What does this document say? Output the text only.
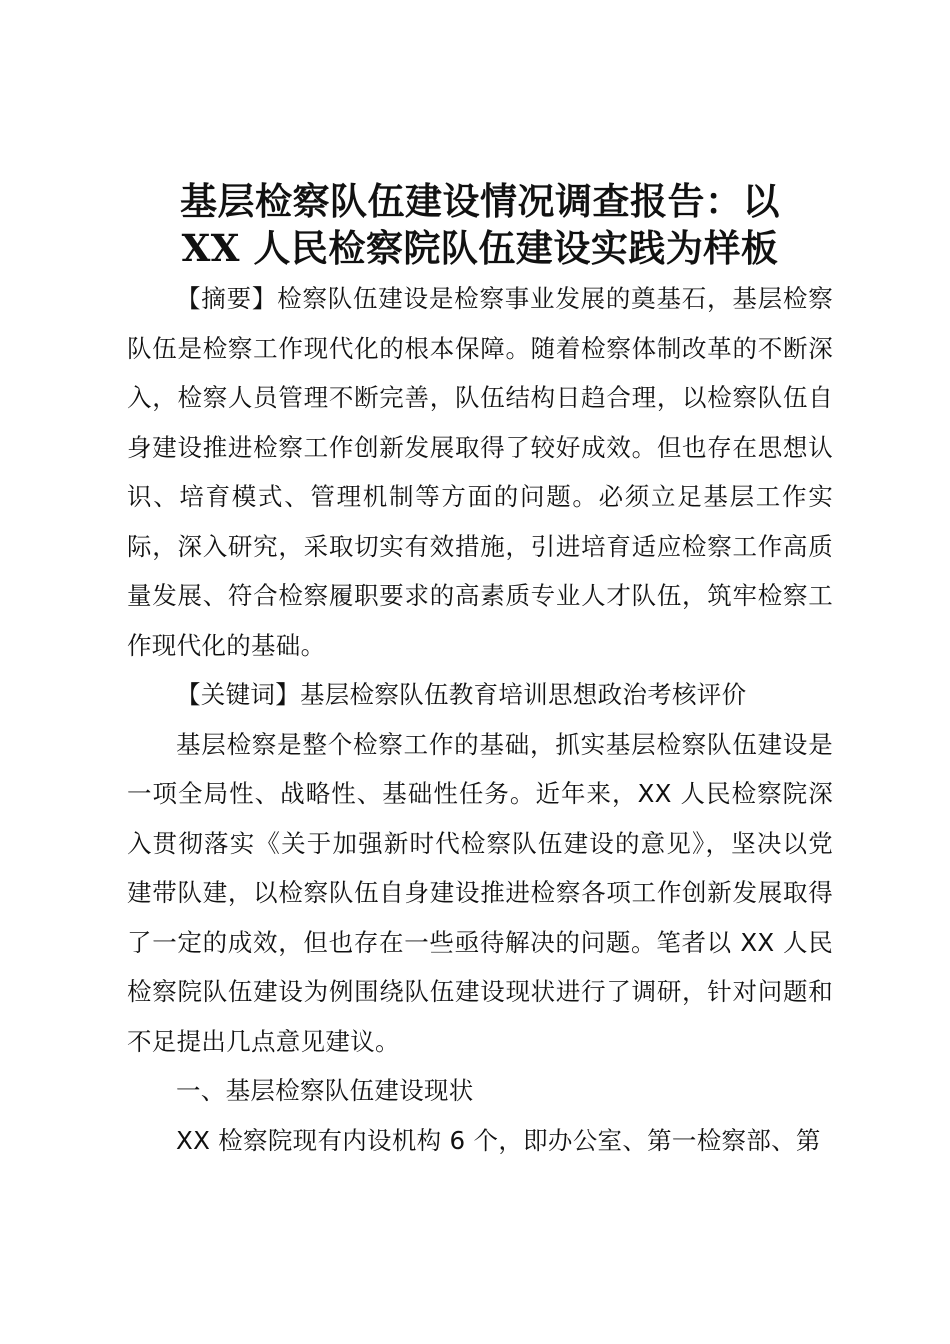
基层检察队伍建设情况调查报告：以
XX 人民检察院队伍建设实践为样板

【摘要】检察队伍建设是检察事业发展的奠基石，基层检察队伍是检察工作现代化的根本保障。随着检察体制改革的不断深入，检察人员管理不断完善，队伍结构日趋合理，以检察队伍自身建设推进检察工作创新发展取得了较好成效。但也存在思想认识、培育模式、管理机制等方面的问题。必须立足基层工作实际，深入研究，采取切实有效措施，引进培育适应检察工作高质量发展、符合检察履职要求的高素质专业人才队伍，筑牢检察工作现代化的基础。

【关键词】基层检察队伍教育培训思想政治考核评价

基层检察是整个检察工作的基础，抓实基层检察队伍建设是一项全局性、战略性、基础性任务。近年来，XX 人民检察院深入贯彻落实《关于加强新时代检察队伍建设的意见》，坚决以党建带队建，以检察队伍自身建设推进检察各项工作创新发展取得了一定的成效，但也存在一些亟待解决的问题。笔者以 XX 人民检察院队伍建设为例围绕队伍建设现状进行了调研，针对问题和不足提出几点意见建议。

一、基层检察队伍建设现状

XX 检察院现有内设机构 6 个，即办公室、第一检察部、第
